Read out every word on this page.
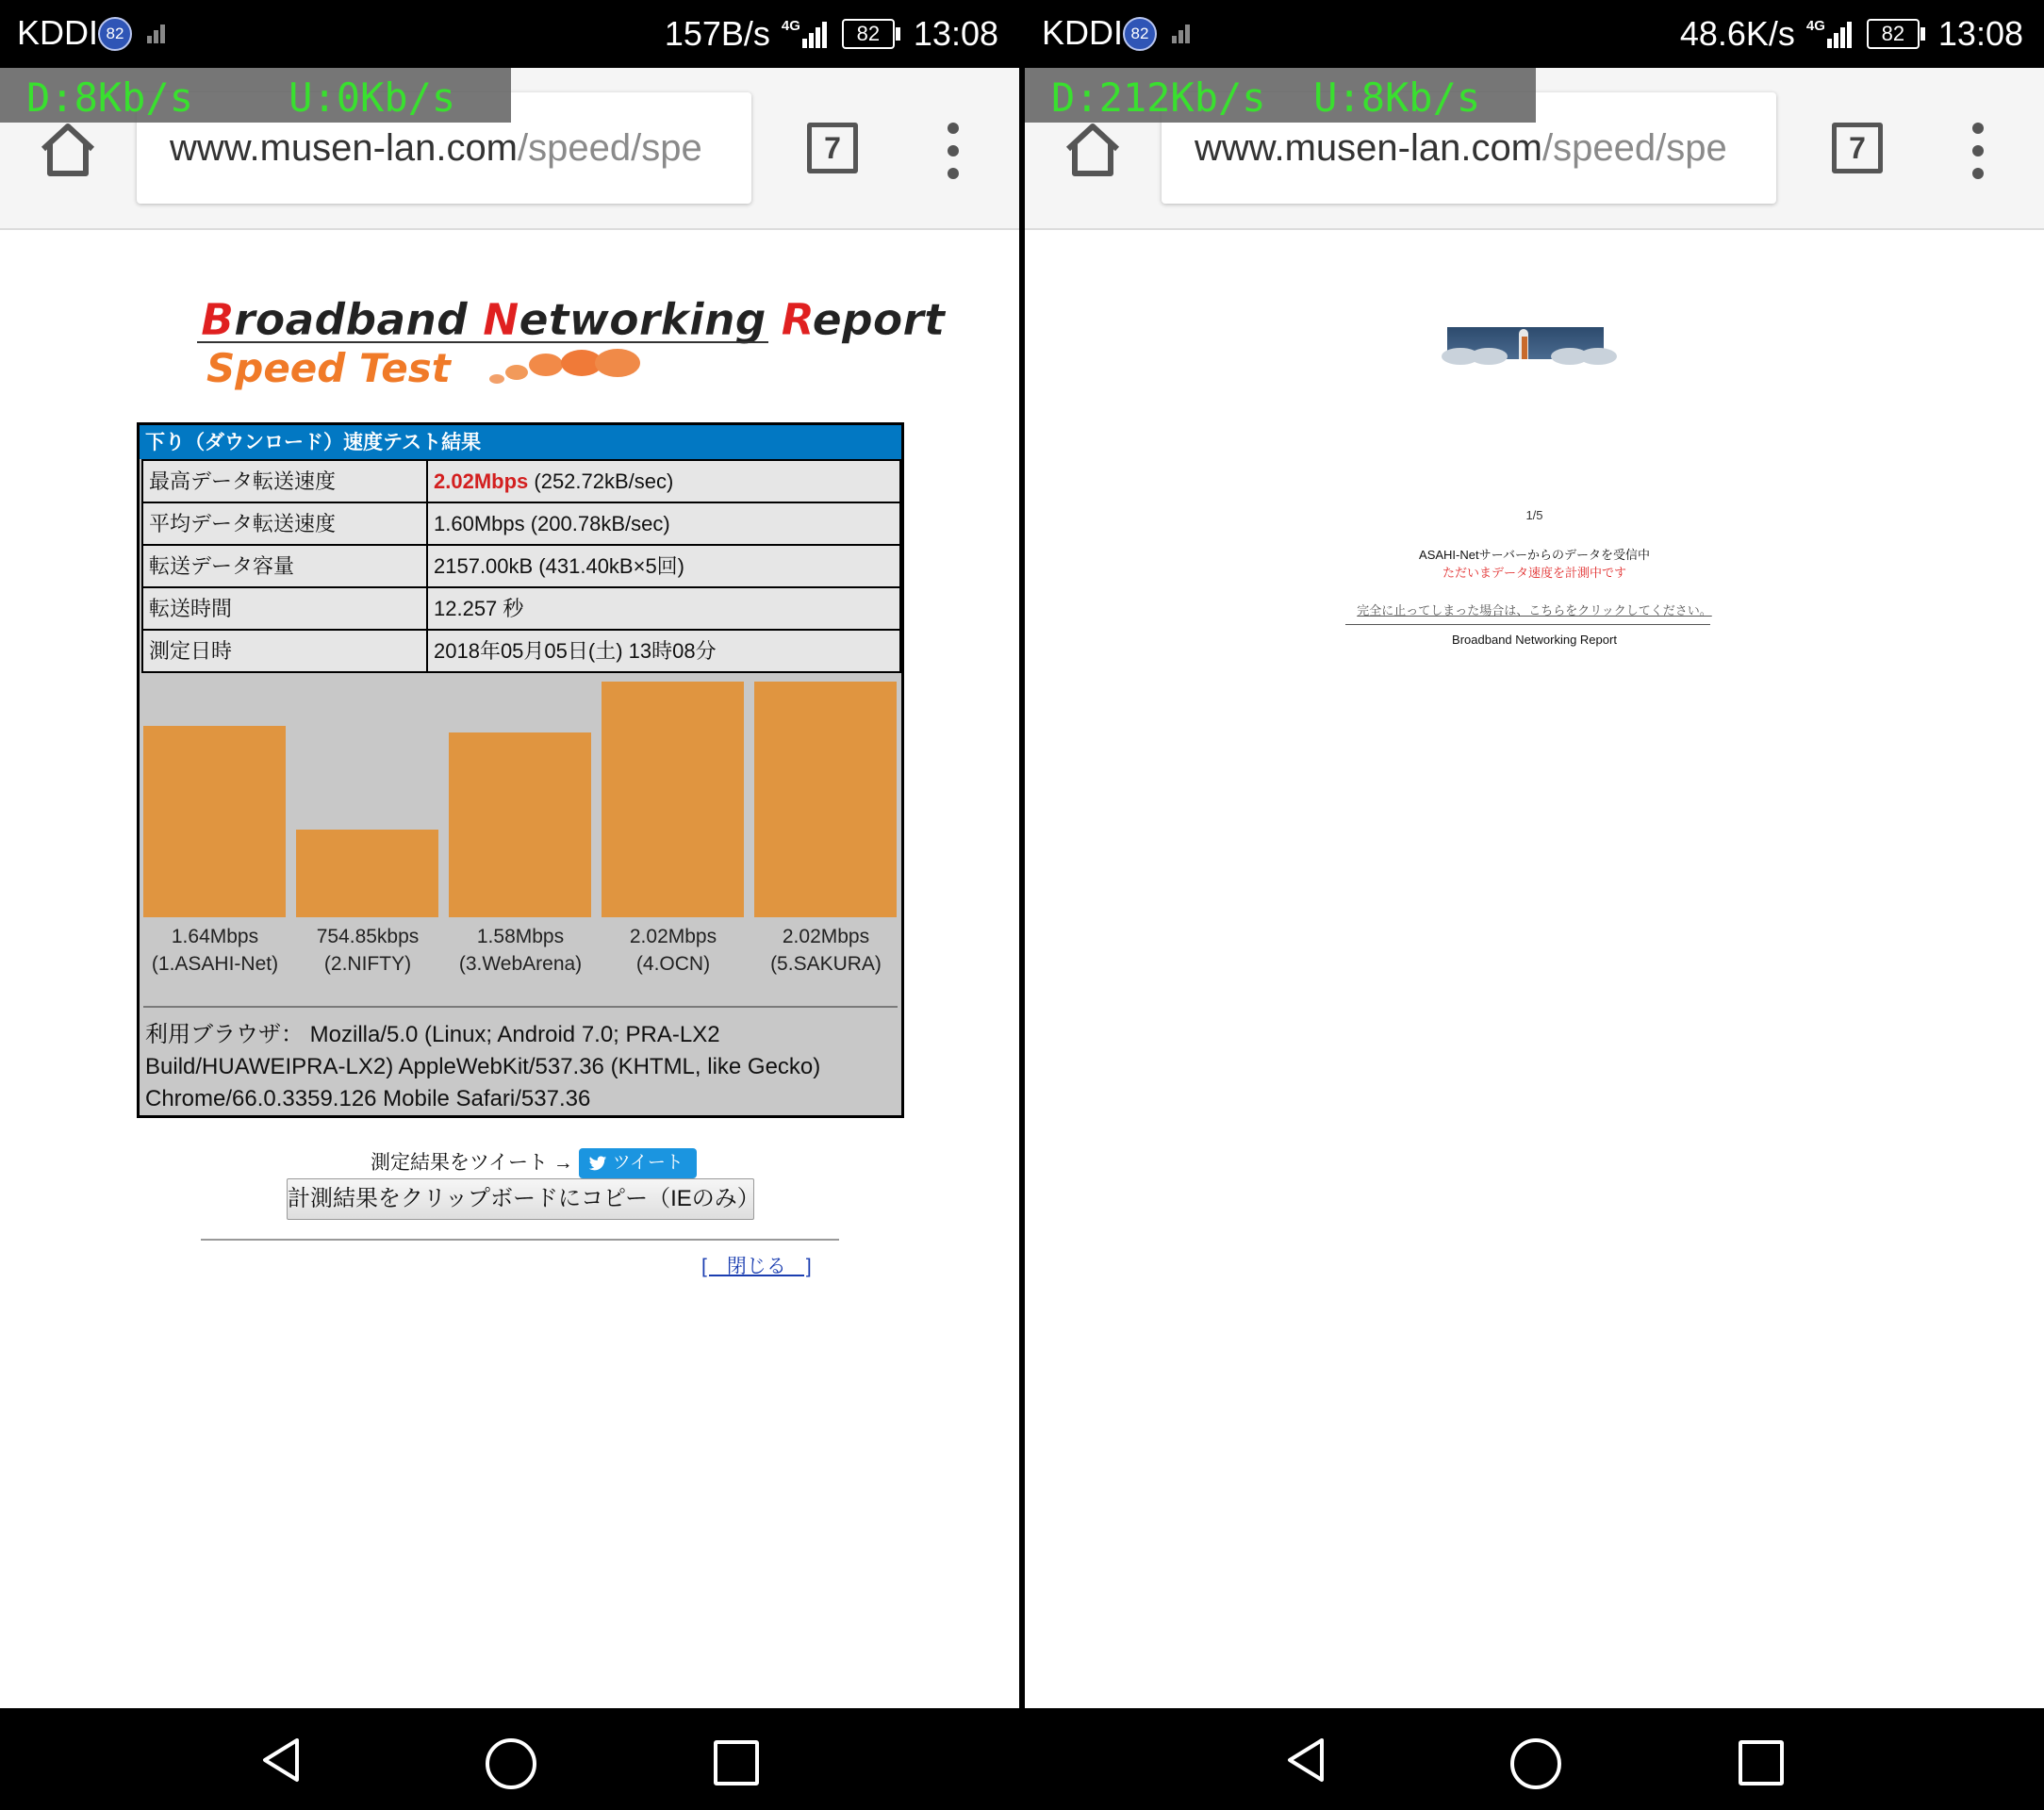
KDDI 82	157B/s 4G	82 13:08
www.musen-lan.com/speed/spe	7
D:8Kb/s U:0Kb/s
Broadband Networking Report
Speed Test
下り（ダウンロード）速度テスト結果
最高データ転送速度	2.02Mbps (252.72kB/sec)
平均データ転送速度	1.60Mbps (200.78kB/sec)
転送データ容量	2157.00kB (431.40kB×5回)
転送時間	12.257 秒
測定日時	2018年05月05日(土) 13時08分
1.64Mbps
(1.ASAHI-Net)
754.85kbps
(2.NIFTY)
1.58Mbps
(3.WebArena)
2.02Mbps
(4.OCN)
2.02Mbps
(5.SAKURA)
利用ブラウザ： Mozilla/5.0 (Linux; Android 7.0; PRA-LX2 Build/HUAWEIPRA-LX2) AppleWebKit/537.36 (KHTML, like Gecko) Chrome/66.0.3359.126 Mobile Safari/537.36
測定結果をツイート → ツイート
計測結果をクリップボードにコピー（IEのみ）
[　閉じる　]
KDDI 82	48.6K/s 4G	82 13:08
www.musen-lan.com/speed/spe	7
D:212Kb/s U:8Kb/s
1/5
ASAHI-Netサーバーからのデータを受信中
ただいまデータ速度を計測中です
完全に止ってしまった場合は、こちらをクリックしてください。
Broadband Networking Report
